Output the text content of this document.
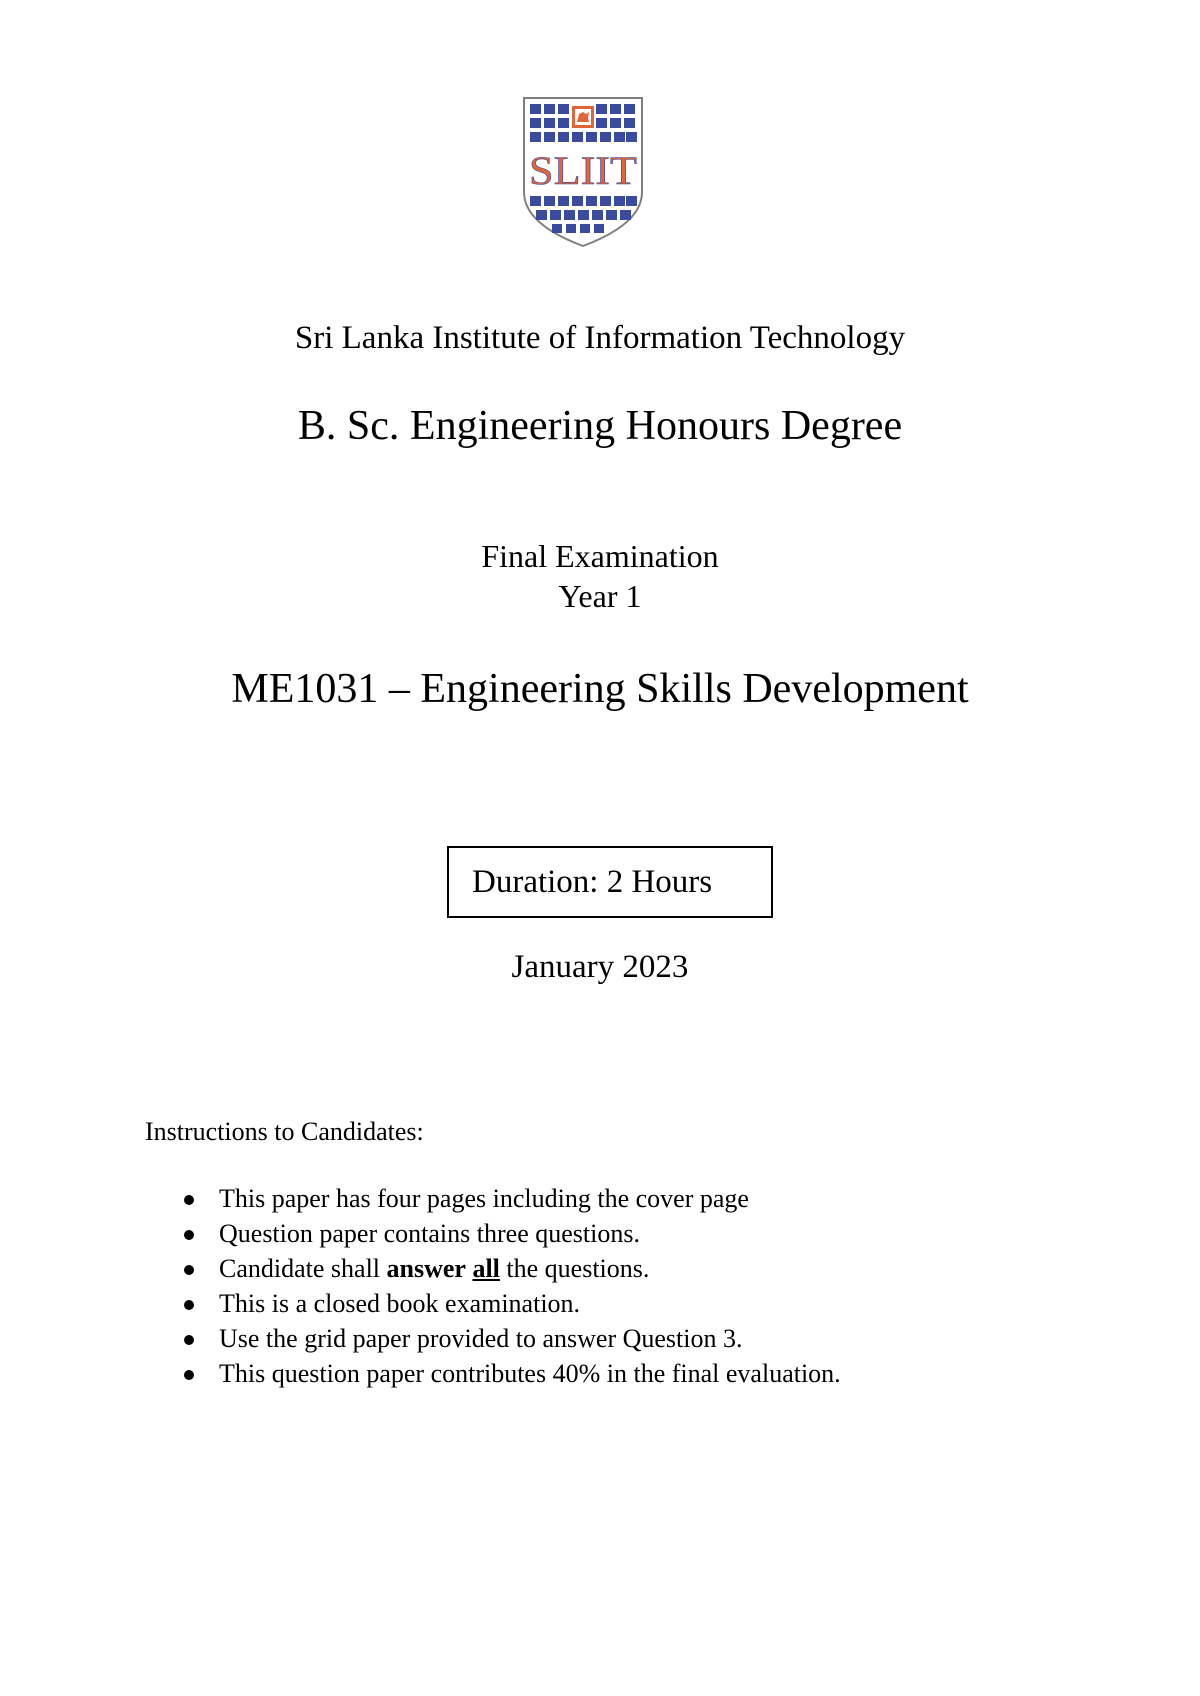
SLIIT
Sri Lanka Institute of Information Technology
B. Sc. Engineering Honours Degree
Final Examination
Year 1
ME1031 – Engineering Skills Development
Duration: 2 Hours
January 2023
Instructions to Candidates:
This paper has four pages including the cover page
Question paper contains three questions.
Candidate shall answer all the questions.
This is a closed book examination.
Use the grid paper provided to answer Question 3.
This question paper contributes 40% in the final evaluation.
